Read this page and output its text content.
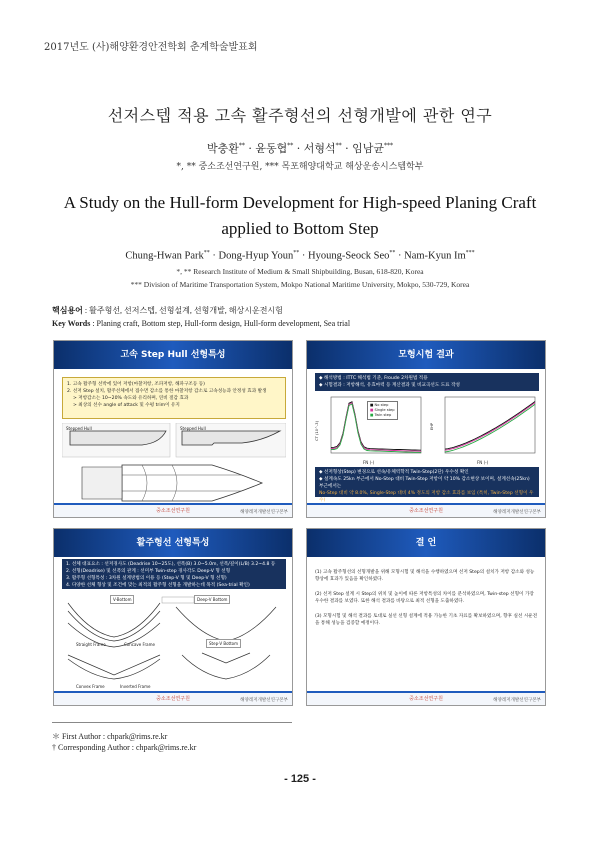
2017년도 (사)해양환경안전학회 춘계학술발표회
선저스텝 적용 고속 활주형선의 선형개발에 관한 연구
박충환** · 윤동협** · 서형석** · 임남균***
*, ** 중소조선연구원, *** 목포해양대학교 해상운송시스템학부
A Study on the Hull-form Development for High-speed Planing Craft
applied to Bottom Step
Chung-Hwan Park** · Dong-Hyup Youn** · Hyoung-Seock Seo** · Nam-Kyun Im***
*, ** Research Institute of Medium & Small Shipbuilding, Busan, 618-820, Korea
*** Division of Maritime Transportation System, Mokpo National Maritime University, Mokpo, 530-729, Korea
핵심용어 : 활주형선, 선저스텝, 선형설계, 선형개발, 해상시운전시험
Key Words : Planing craft, Bottom step, Hull-form design, Hull-form development, Sea trial
고속 Step Hull 선형특성
1. 고속 활주형 선박에 있어 저항(마찰저항, 조파저항, 해파구조등 등)
2. 선저 Step 설치, 활주선체에서 접수면 감소를 통한 마찰저항 감소로 고속성능과 안정성 효과 발생
> 저항감소는 10~20% 속도와 유리하며, 연비 절감 효과
> 최상의 선수 angle of attack 및 수평 trim이 유지
Stepped Hull	Stepped Hull
중소조선연구원	해양레저개발선연구본부
모형시험 결과
◆ 해석방법 : ITTC 해석법 기준, Froude 2차원법 적용
◆ 시험결과 : 저항해석, 유효마력 등 계산결과 및 비교곡선도 도표 작성
FN (-)	FN (-)
CT (10^-3)	EHP
■ No step
■ Single step
■ Twin step
◆ 선저형상(Step) 변경으로 선속/유체역학적 Twin-Step(2단) 우수성 확인
◆ 설계속도 25kn 부근에서 No-Step 대비 Twin-Step 저항이 약 10% 감소현상 보이며, 설계선속(25kn) 부근에서는
No-Step 대비 약 8.0%, Single-Step 대비 4% 정도의 저항 감소 효과를 보임 (특히, Twin-Step 선형이 우수)
중소조선연구원	해양레저개발선연구본부
활주형선 선형특성
1. 선체 대표요소 : 선저경사도 (Deadrise 10~25도), 선폭(B) 3.0~5.0m, 선폭/깊이(L/B) 3.2~4.8 등
2. 선형(Deadrise) 및 선폭의 관계 : 선미부 Twin-step 경사각도 Deep-V 형 선형
3. 활주형 선형특성 : 3차원 설계방법의 이용 등 (Step-V 형 및 Deep-V 형 선형)
4. 다양한 선체 형상 및 조건에 맞는 최적의 활주형 선형을 개발하는데 목적 (Sea-trial 확인)
V-Bottom	Deep-V Bottom
Step-V Bottom
Straight Frame	Concave Frame
Convex Frame	Inverted Frame
중소조선연구원	해양레저개발선연구본부
결 언
(1) 고속 활주형선의 선형개발을 위해 모형시험 및 해석을 수행하였으며 선저 Step의 설치가 저항 감소와 성능 향상에 효과가 있음을 확인하였다.
(2) 선저 Step 설계 시 Step의 위치 및 높이에 따른 저항특성의 차이를 분석하였으며, Twin-step 선형이 가장 우수한 결과를 보였다. 또한 해석 결과를 바탕으로 최적 선형을 도출하였다.
(3) 모형시험 및 해석 결과를 토대로 실선 선형 설계에 적용 가능한 기초 자료를 확보하였으며, 향후 실선 시운전을 통해 성능을 검증할 예정이다.
중소조선연구원	해양레저개발선연구본부
＊ First Author : chpark@rims.re.kr
† Corresponding Author : chpark@rims.re.kr
- 125 -
